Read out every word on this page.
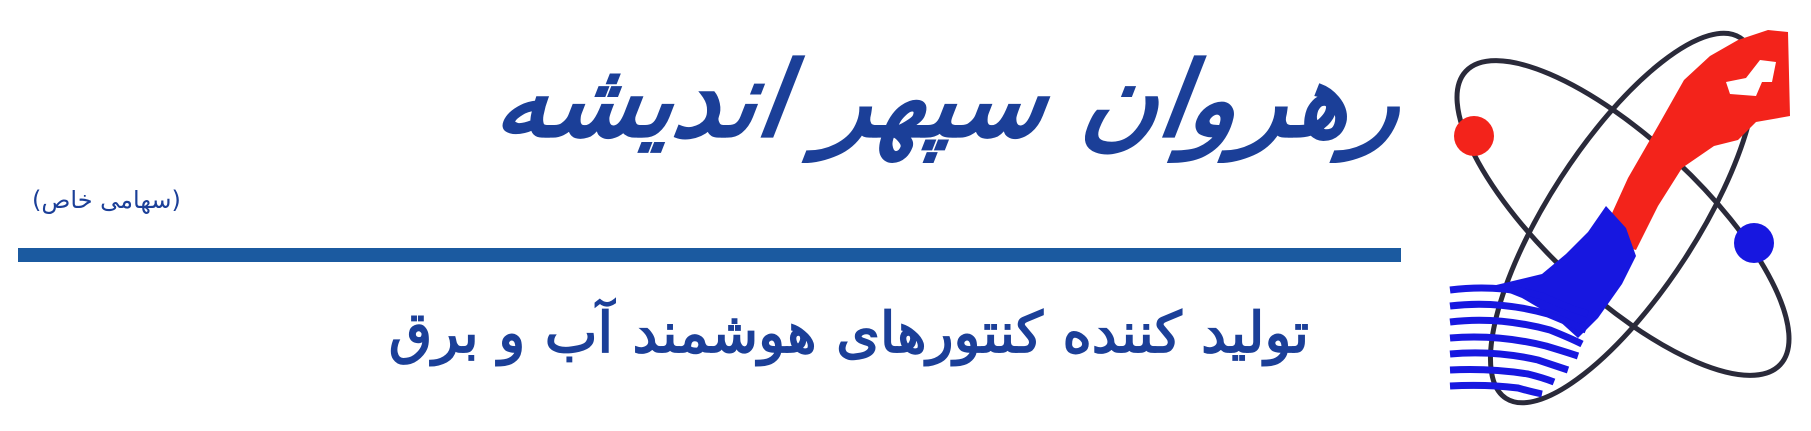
رهروان سپهر اندیشه
(سهامی خاص)

تولید کننده کنتورهای هوشمند آب و برق
